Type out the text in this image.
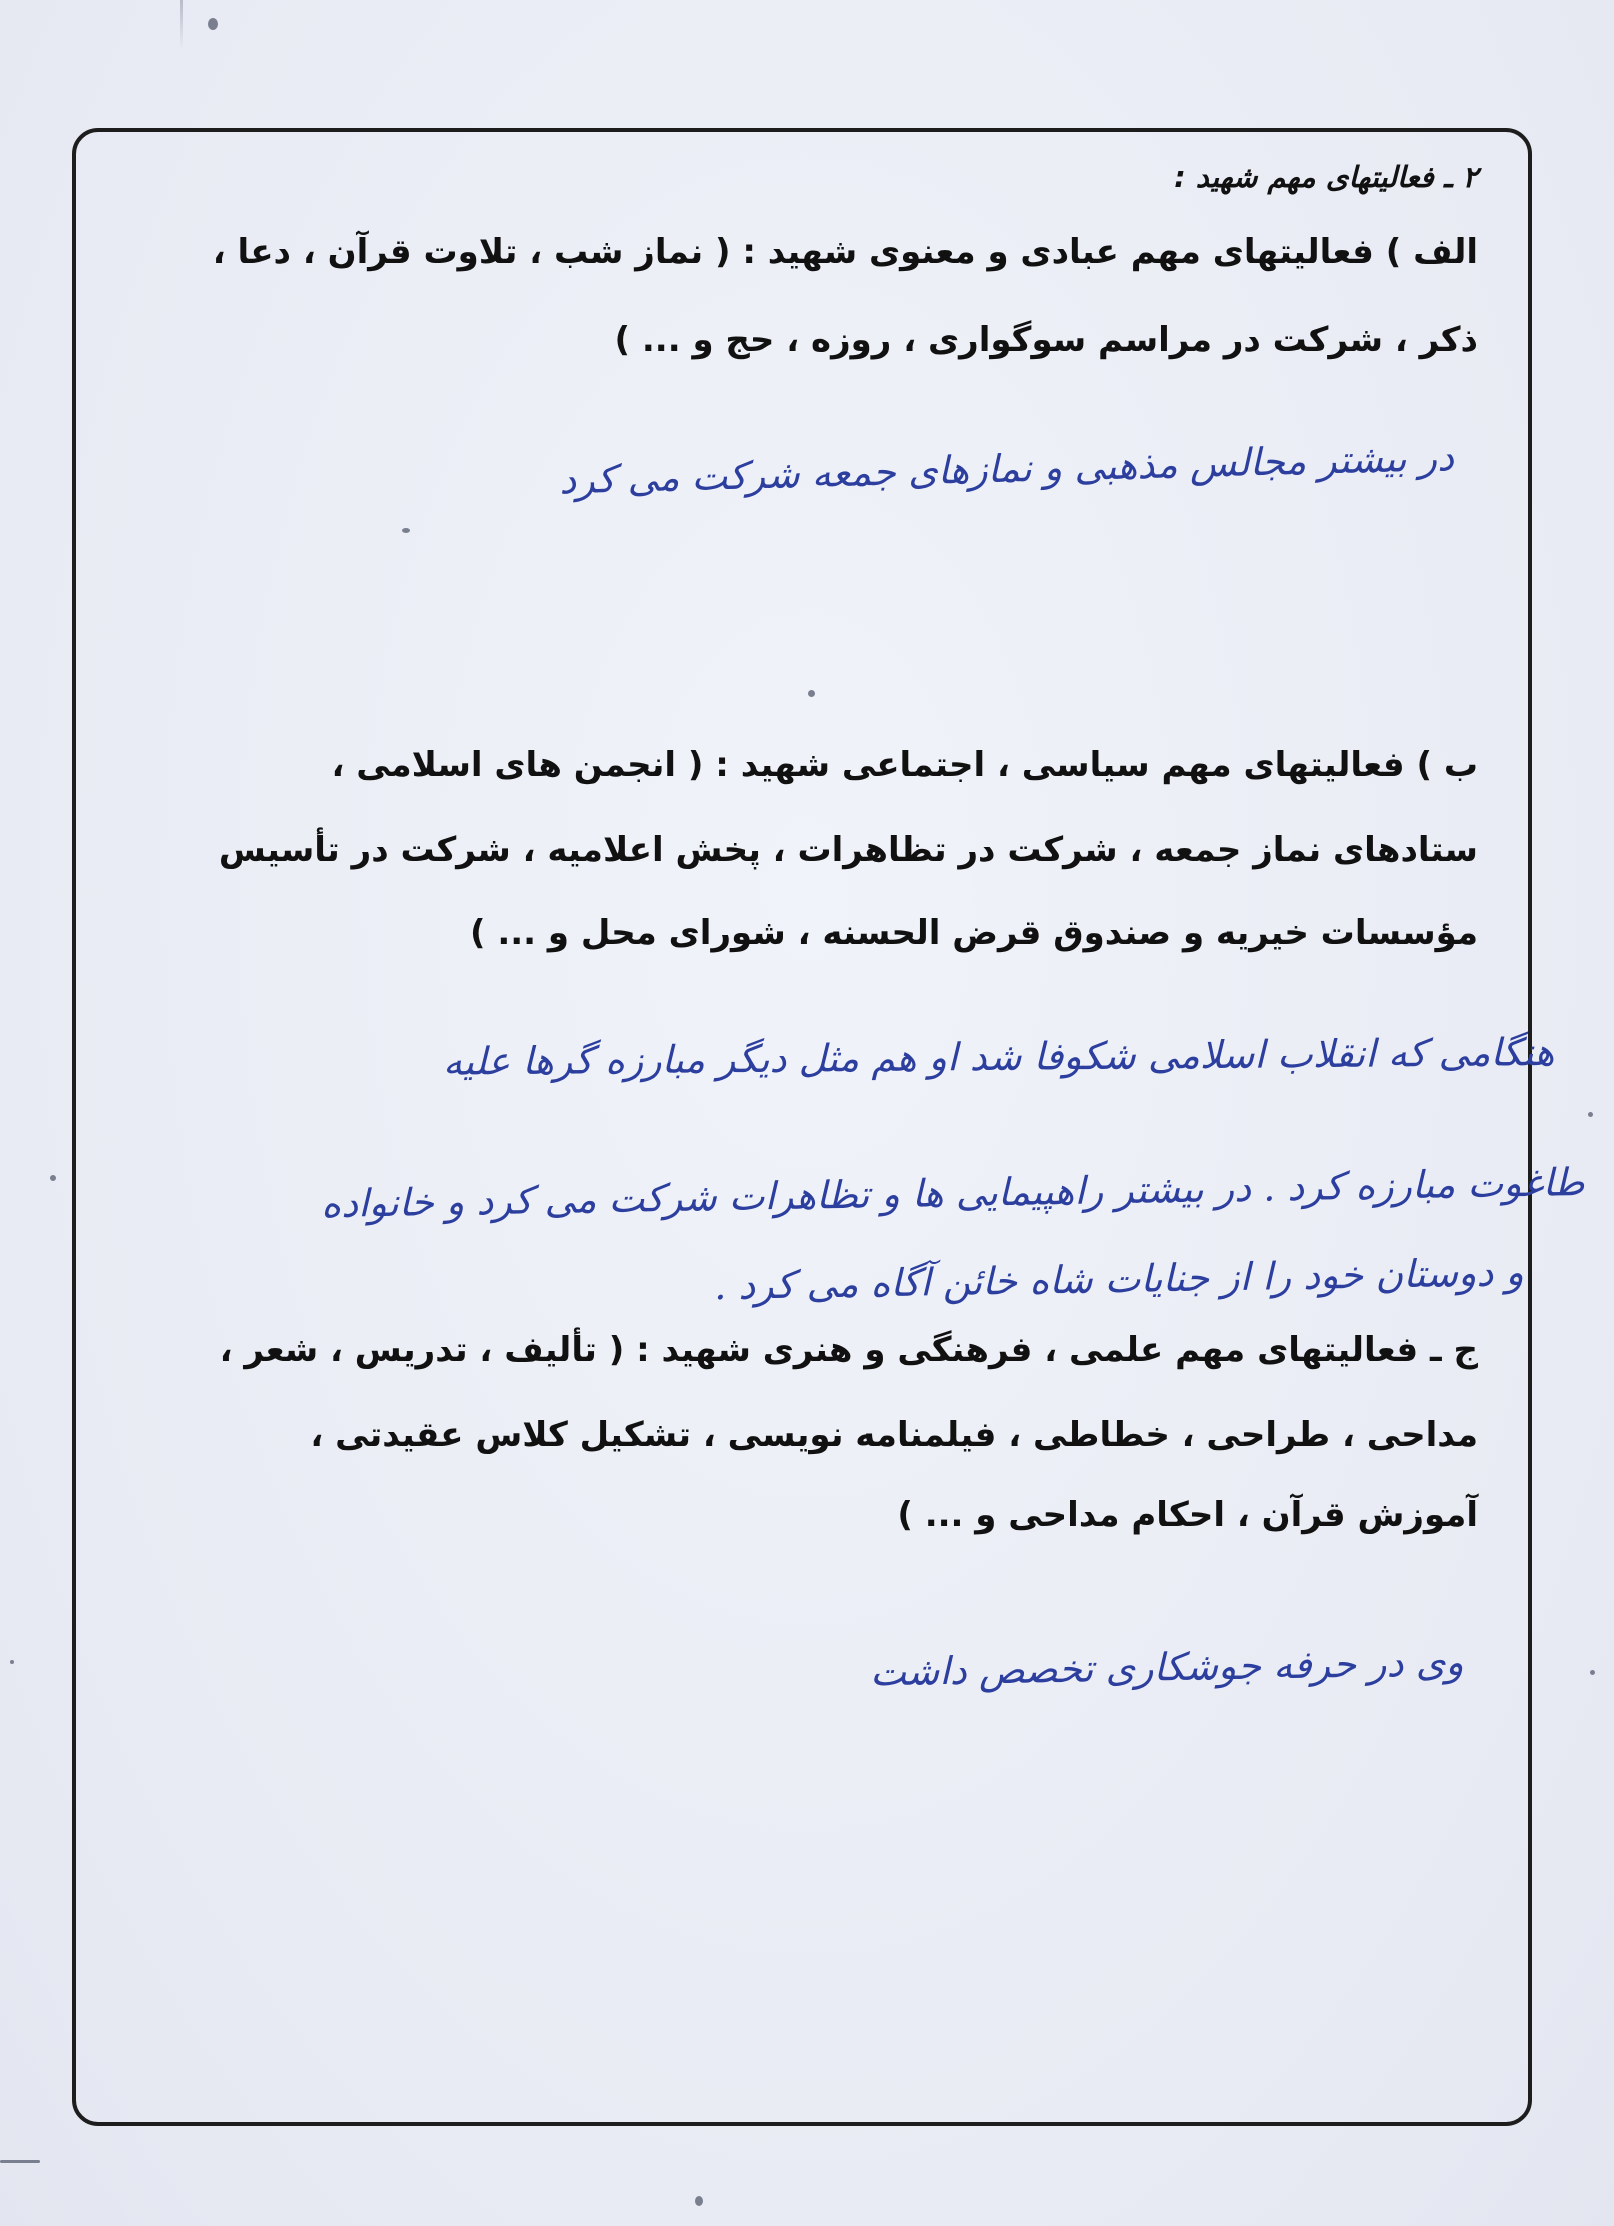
۲ ـ فعالیتهای مهم شهید :
الف ) فعالیتهای مهم عبادی و معنوی شهید : ( نماز شب ، تلاوت قرآن ، دعا ،
ذکر ، شرکت در مراسم سوگواری ، روزه ، حج و ... )
در بیشتر مجالس مذهبی و نمازهای جمعه شرکت می کرد
ب ) فعالیتهای مهم سیاسی ، اجتماعی شهید : ( انجمن های اسلامی ،
ستادهای نماز جمعه ، شرکت در تظاهرات ، پخش اعلامیه ، شرکت در تأسیس
مؤسسات خیریه و صندوق قرض الحسنه ، شورای محل و ... )
هنگامی که انقلاب اسلامی شکوفا شد او هم مثل دیگر مبارزه گرها علیه
طاغوت مبارزه کرد . در بیشتر راهپیمایی ها و تظاهرات شرکت می کرد و خانواده
و دوستان خود را از جنایات شاه خائن آگاه می کرد .
ج ـ فعالیتهای مهم علمی ، فرهنگی و هنری شهید : ( تألیف ، تدریس ، شعر ،
مداحی ، طراحی ، خطاطی ، فیلمنامه نویسی ، تشکیل کلاس عقیدتی ،
آموزش قرآن ، احکام مداحی و ... )
وی در حرفه جوشکاری تخصص داشت
